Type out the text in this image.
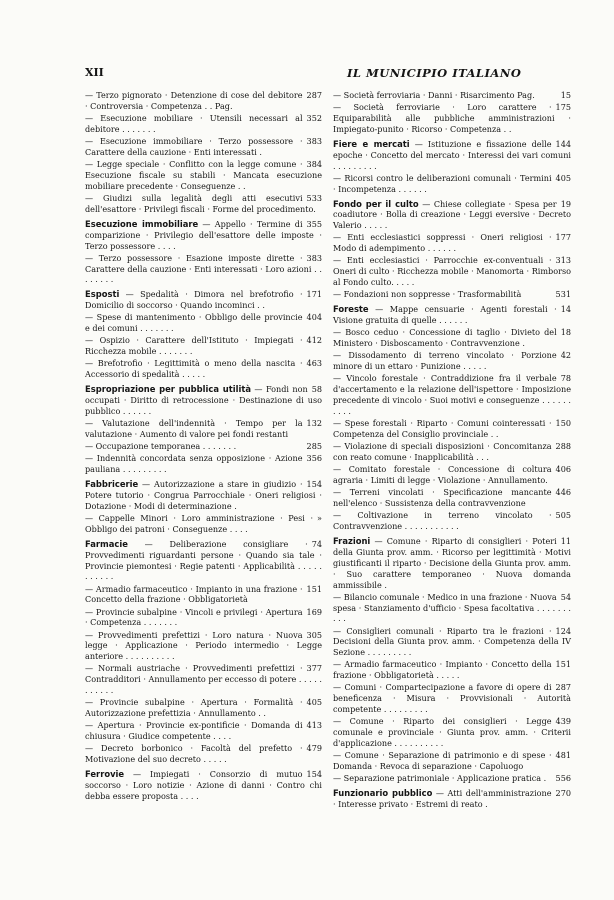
XII	IL MUNICIPIO ITALIANO
287
— Terzo pignorato · Detenzione di cose del debitore · Controversia · Competenza . . Pag.
352
— Esecuzione mobiliare · Utensili necessari al debitore . . . . . . .
383
— Esecuzione immobiliare · Terzo possessore · Carattere della cauzione · Enti interessati .
384
— Legge speciale · Conflitto con la legge comune · Esecuzione fiscale su stabili · Mancata esecuzione mobiliare precedente · Conseguenze . .
533
— Giudizi sulla legalità degli atti esecutivi dell'esattore · Privilegi fiscali · Forme del procedimento.
355
Esecuzione immobiliare — Appello · Termine di comparizione · Privilegio dell'esattore delle imposte · Terzo possessore . . . .
383
— Terzo possessore · Esazione imposte dirette · Carattere della cauzione · Enti interessati · Loro azioni . . . . . . . .
171
Esposti — Spedalità · Dimora nel brefotrofio · Domicilio di soccorso · Quando incominci . .
404
— Spese di mantenimento · Obbligo delle provincie e dei comuni . . . . . . .
412
— Ospizio · Carattere dell'Istituto · Impiegati · Ricchezza mobile . . . . . . .
463
— Brefotrofio · Legittimità o meno della nascita · Accessorio di spedalità . . . . .
58
Espropriazione per pubblica utilità — Fondi non occupati · Diritto di retrocessione · Destinazione di uso pubblico . . . . . .
132
— Valutazione dell'indennità · Tempo per la valutazione · Aumento di valore pei fondi restanti
285
— Occupazione temporanea . . . . . . .
356
— Indennità concordata senza opposizione · Azione pauliana . . . . . . . . .
154
Fabbricerie — Autorizzazione a stare in giudizio · Potere tutorio · Congrua Parrocchiale · Oneri religiosi · Dotazione · Modi di determinazione .
»
— Cappelle Minori · Loro amministrazione · Pesi · Obbligo dei patroni · Conseguenze . . . .
74
Farmacie — Deliberazione consigliare · Provvedimenti riguardanti persone · Quando sia tale · Provincie piemontesi · Regie patenti · Applicabilità . . . . . . . . . . .
151
— Armadio farmaceutico · Impianto in una frazione · Concetto della frazione · Obbligatorietà
169
— Provincie subalpine · Vincoli e privilegi · Apertura · Competenza . . . . . . .
305
— Provvedimenti prefettizi · Loro natura · Nuova legge · Applicazione · Periodo intermedio · Legge anteriore . . . . . . . . . .
377
— Normali austriache · Provvedimenti prefettizi · Contradditori · Annullamento per eccesso di potere . . . . . . . . . . .
405
— Provincie subalpine · Apertura · Formalità · Autorizzazione prefettizia · Annullamento . .
413
— Apertura · Provincie ex-pontificie · Domanda di chiusura · Giudice competente . . . .
479
— Decreto borbonico · Facoltà del prefetto · Motivazione del suo decreto . . . . .
154
Ferrovie — Impiegati · Consorzio di mutuo soccorso · Loro notizie · Azione di danni · Contro chi debba essere proposta . . . .
15
— Società ferroviaria · Danni · Risarcimento Pag.
175
— Società ferroviarie · Loro carattere · Equiparabilità alle pubbliche amministrazioni · Impiegato-punito · Ricorso · Competenza . .
144
Fiere e mercati — Istituzione e fissazione delle epoche · Concetto del mercato · Interessi dei vari comuni . . . . . . . . .
405
— Ricorsi contro le deliberazioni comunali · Termini · Incompetenza . . . . . .
19
Fondo per il culto — Chiese collegiate · Spesa per coadiutore · Bolla di creazione · Leggi eversive · Decreto Valerio . . . . .
177
— Enti ecclesiastici soppressi · Oneri religiosi · Modo di adempimento . . . . . .
313
— Enti ecclesiastici · Parrocchie ex-conventuali · Oneri di culto · Ricchezza mobile · Manomorta · Rimborso al Fondo culto. . . . .
531
— Fondazioni non soppresse · Trasformabilità
14
Foreste — Mappe censuarie · Agenti forestali · Visione gratuita di quelle . . . . . .
18
— Bosco ceduo · Concessione di taglio · Divieto del Ministero · Disboscamento · Contravvenzione .
42
— Dissodamento di terreno vincolato · Porzione minore di un ettaro · Punizione . . . . .
78
— Vincolo forestale · Contraddizione fra il verbale d'accertamento e la relazione dell'ispettore · Imposizione precedente di vincolo · Suoi motivi e conseguenze . . . . . . . . . .
150
— Spese forestali · Riparto · Comuni cointeressati · Competenza del Consiglio provinciale . .
288
— Violazione di speciali disposizioni · Concomitanza con reato comune · Inapplicabilità . . .
406
— Comitato forestale · Concessione di coltura agraria · Limiti di legge · Violazione · Annullamento.
446
— Terreni vincolati · Specificazione mancante nell'elenco · Sussistenza della contravvenzione
505
— Coltivazione in terreno vincolato · Contravvenzione . . . . . . . . . . .
11
Frazioni — Comune · Riparto di consiglieri · Poteri della Giunta prov. amm. · Ricorso per legittimità · Motivi giustificanti il riparto · Decisione della Giunta prov. amm. · Suo carattere temporaneo · Nuova domanda ammissibile .
54
— Bilancio comunale · Medico in una frazione · Nuova spesa · Stanziamento d'ufficio · Spesa facoltativa . . . . . . . . . .
124
— Consiglieri comunali · Riparto tra le frazioni · Decisioni della Giunta prov. amm. · Competenza della IV Sezione . . . . . . . . .
151
— Armadio farmaceutico · Impianto · Concetto della frazione · Obbligatorietà . . . . .
287
— Comuni · Compartecipazione a favore di opere di beneficenza · Misura · Provvisionali · Autorità competente . . . . . . . . .
439
— Comune · Riparto dei consiglieri · Legge comunale e provinciale · Giunta prov. amm. · Criterii d'applicazione . . . . . . . . . .
481
— Comune · Separazione di patrimonio e di spese · Domanda · Revoca di separazione · Capoluogo
556
— Separazione patrimoniale · Applicazione pratica .
270
Funzionario pubblico — Atti dell'amministrazione · Interesse privato · Estremi di reato .
